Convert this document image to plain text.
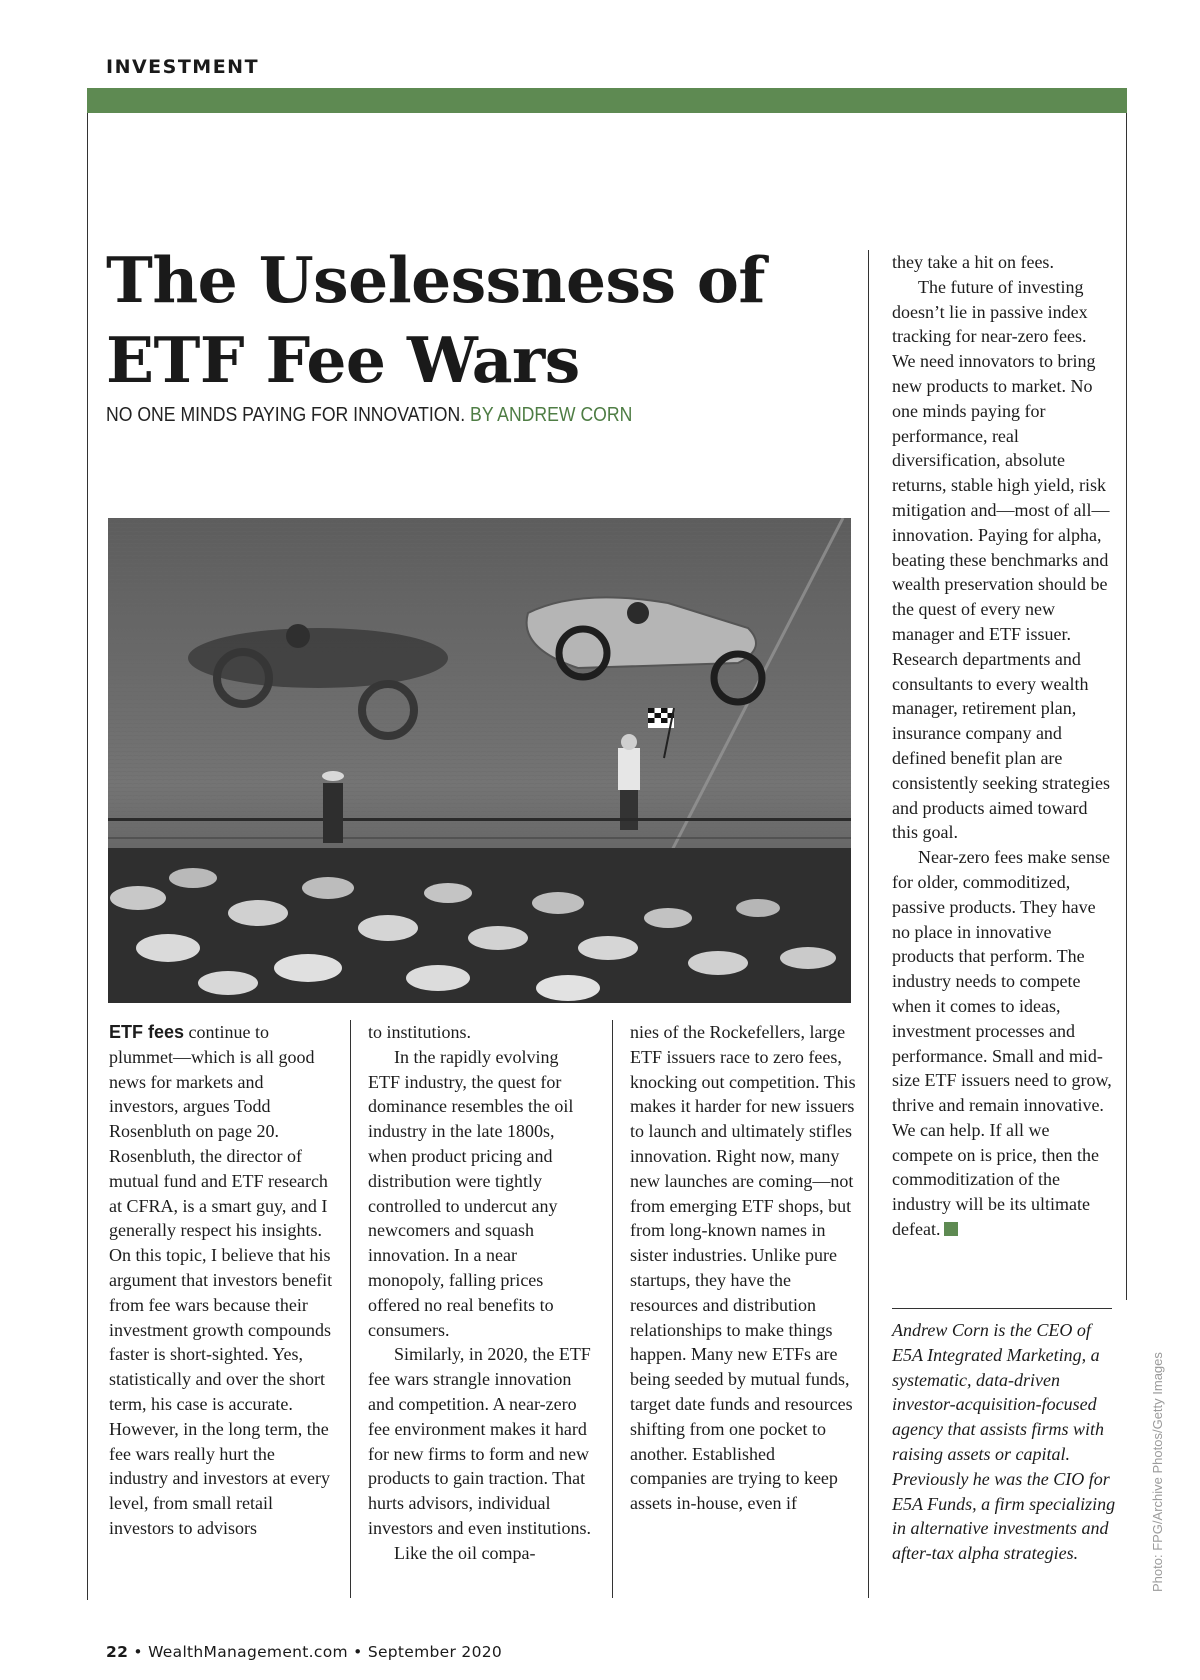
INVESTMENT
The Uselessness of
ETF Fee Wars
NO ONE MINDS PAYING FOR INNOVATION. BY ANDREW CORN

ETF fees continue to plummet—which is all good news for markets and investors, argues Todd Rosenbluth on page 20. Rosenbluth, the director of mutual fund and ETF research at CFRA, is a smart guy, and I generally respect his insights. On this topic, I believe that his argument that investors benefit from fee wars because their investment growth compounds faster is short-sighted. Yes, statistically and over the short term, his case is accurate. However, in the long term, the fee wars really hurt the industry and investors at every level, from small retail investors to advisors

to institutions.

In the rapidly evolving ETF industry, the quest for dominance resembles the oil industry in the late 1800s, when product pricing and distribution were tightly controlled to undercut any newcomers and squash innovation. In a near monopoly, falling prices offered no real benefits to consumers.

Similarly, in 2020, the ETF fee wars strangle innovation and competition. A near-zero fee environment makes it hard for new firms to form and new products to gain traction. That hurts advisors, individual investors and even institutions.

Like the oil compa-

nies of the Rockefellers, large ETF issuers race to zero fees, knocking out competition. This makes it harder for new issuers to launch and ultimately stifles innovation. Right now, many new launches are coming—not from emerging ETF shops, but from long-known names in sister industries. Unlike pure startups, they have the resources and distribution relationships to make things happen. Many new ETFs are being seeded by mutual funds, target date funds and resources shifting from one pocket to another. Established companies are trying to keep assets in-house, even if

they take a hit on fees.

The future of investing doesn’t lie in passive index tracking for near-zero fees. We need innovators to bring new products to market. No one minds paying for performance, real diversification, absolute returns, stable high yield, risk mitigation and—most of all—innovation. Paying for alpha, beating these benchmarks and wealth preservation should be the quest of every new manager and ETF issuer. Research departments and consultants to every wealth manager, retirement plan, insurance company and defined benefit plan are consistently seeking strategies and products aimed toward this goal.

Near-zero fees make sense for older, commoditized, passive products. They have no place in innovative products that perform. The industry needs to compete when it comes to ideas, investment processes and performance. Small and mid-size ETF issuers need to grow, thrive and remain innovative. We can help. If all we compete on is price, then the commoditization of the industry will be its ultimate defeat.

Andrew Corn is the CEO of E5A Integrated Marketing, a systematic, data-driven investor-acquisition-focused agency that assists firms with raising assets or capital. Previously he was the CIO for E5A Funds, a firm specializing in alternative investments and after-tax alpha strategies.	Photo: FPG/Archive Photos/Getty Images
22 • WealthManagement.com • September 2020
